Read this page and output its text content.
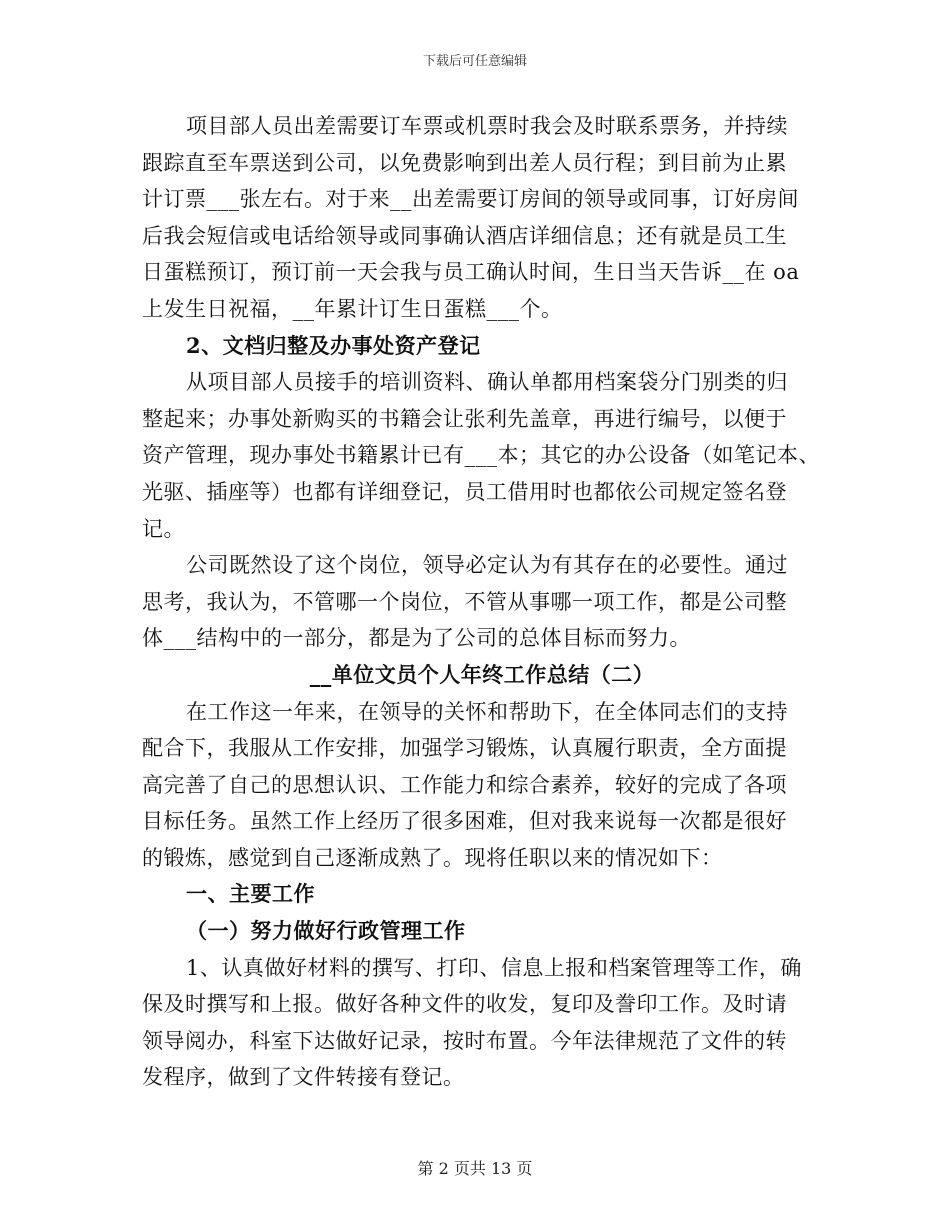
下载后可任意编辑
项目部人员出差需要订车票或机票时我会及时联系票务，并持续
跟踪直至车票送到公司，以免费影响到出差人员行程；到目前为止累
计订票___张左右。对于来__出差需要订房间的领导或同事，订好房间
后我会短信或电话给领导或同事确认酒店详细信息；还有就是员工生
日蛋糕预订，预订前一天会我与员工确认时间，生日当天告诉__在 oa
上发生日祝福，__年累计订生日蛋糕___个。
2、文档归整及办事处资产登记
从项目部人员接手的培训资料、确认单都用档案袋分门别类的归
整起来；办事处新购买的书籍会让张利先盖章，再进行编号，以便于
资产管理，现办事处书籍累计已有___本；其它的办公设备（如笔记本、
光驱、插座等）也都有详细登记，员工借用时也都依公司规定签名登
记。
公司既然设了这个岗位，领导必定认为有其存在的必要性。通过
思考，我认为，不管哪一个岗位，不管从事哪一项工作，都是公司整
体___结构中的一部分，都是为了公司的总体目标而努力。
__单位文员个人年终工作总结（二）
在工作这一年来，在领导的关怀和帮助下，在全体同志们的支持
配合下，我服从工作安排，加强学习锻炼，认真履行职责，全方面提
高完善了自己的思想认识、工作能力和综合素养，较好的完成了各项
目标任务。虽然工作上经历了很多困难，但对我来说每一次都是很好
的锻炼，感觉到自己逐渐成熟了。现将任职以来的情况如下：
一、主要工作
（一）努力做好行政管理工作
1、认真做好材料的撰写、打印、信息上报和档案管理等工作，确
保及时撰写和上报。做好各种文件的收发，复印及誊印工作。及时请
领导阅办，科室下达做好记录，按时布置。今年法律规范了文件的转
发程序，做到了文件转接有登记。
第 2 页共 13 页
